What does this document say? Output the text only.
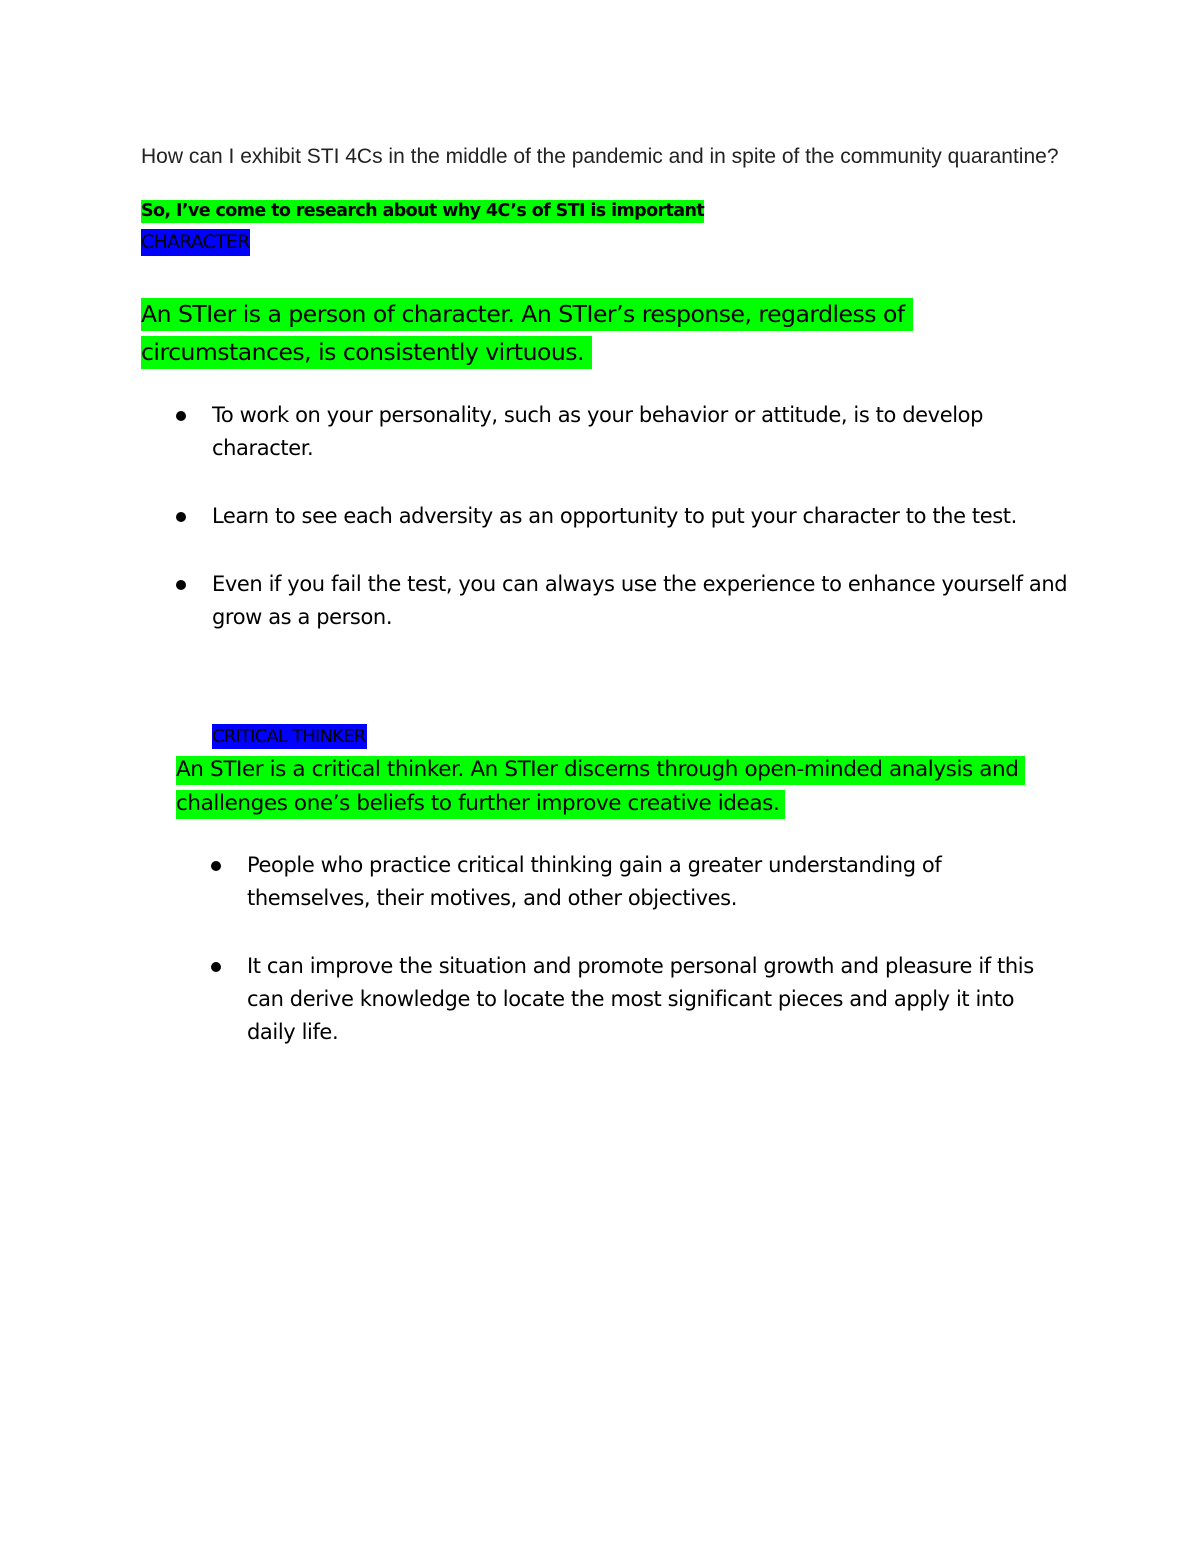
How can I exhibit STI 4Cs in the middle of the pandemic and in spite of the community quarantine?
So, I’ve come to research about why 4C’s of STI is important
CHARACTER
An STIer is a person of character. An STIer’s response, regardless of circumstances, is consistently virtuous.
To work on your personality, such as your behavior or attitude, is to develop character.
Learn to see each adversity as an opportunity to put your character to the test.
Even if you fail the test, you can always use the experience to enhance yourself and grow as a person.
CRITICAL THINKER
An STIer is a critical thinker. An STIer discerns through open-minded analysis and challenges one’s beliefs to further improve creative ideas.
People who practice critical thinking gain a greater understanding of themselves, their motives, and other objectives.
It can improve the situation and promote personal growth and pleasure if this can derive knowledge to locate the most significant pieces and apply it into daily life.
